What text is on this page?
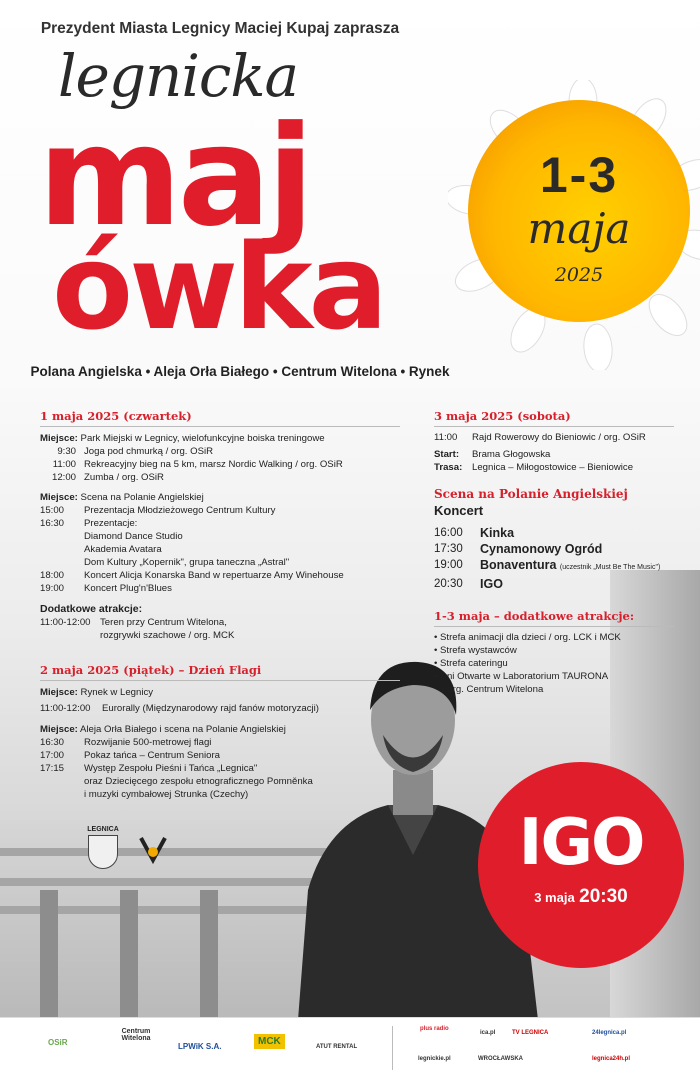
Prezydent Miasta Legnicy Maciej Kupaj zaprasza
legnicka
maj
ówka
Polana Angielska • Aleja Orła Białego • Centrum Witelona • Rynek
1-3
maja
2025
1 maja 2025 (czwartek)
Miejsce: Park Miejski w Legnicy, wielofunkcyjne boiska treningowe
9:30 Joga pod chmurką / org. OSiR
11:00 Rekreacyjny bieg na 5 km, marsz Nordic Walking / org. OSiR
12:00 Zumba / org. OSiR
Miejsce: Scena na Polanie Angielskiej
15:00	Prezentacja Młodzieżowego Centrum Kultury
16:30	Prezentacje:
Diamond Dance Studio
Akademia Avatara
Dom Kultury „Kopernik", grupa taneczna „Astral"
18:00	Koncert Alicja Konarska Band w repertuarze Amy Winehouse
19:00	Koncert Plug'n'Blues
Dodatkowe atrakcje:
11:00-12:00 Teren przy Centrum Witelona,
rozgrywki szachowe / org. MCK
2 maja 2025 (piątek) – Dzień Flagi
Miejsce: Rynek w Legnicy
11:00-12:00	Eurorally (Międzynarodowy rajd fanów motoryzacji)
Miejsce: Aleja Orła Białego i scena na Polanie Angielskiej
16:30	Rozwijanie 500-metrowej flagi
17:00	Pokaz tańca – Centrum Seniora
17:15	Występ Zespołu Pieśni i Tańca „Legnica"
oraz Dziecięcego zespołu etnograficznego Pomněnka
i muzyki cymbałowej Strunka (Czechy)
3 maja 2025 (sobota)
11:00	Rajd Rowerowy do Bieniowic / org. OSiR
Start:	Brama Głogowska
Trasa:	Legnica – Miłogostowice – Bieniowice
Scena na Polanie Angielskiej
Koncert
16:00	Kinka
17:30	Cynamonowy Ogród
19:00	Bonaventura (uczestnik „Must Be The Music")
20:30	IGO
1-3 maja – dodatkowe atrakcje:
• Strefa animacji dla dzieci / org. LCK i MCK
• Strefa wystawców
• Strefa cateringu
• Dni Otwarte w Laboratorium TAURONA
/ org. Centrum Witelona
IGO
3 maja 20:30
LEGNICA
OSiR
Centrum Witelona
LPWiK S.A.	MCK	ATUT RENTAL
plus radio
ica.pl	TV LEGNICA	24legnica.pl
legnickie.pl	WROCŁAWSKA	legnica24h.pl
